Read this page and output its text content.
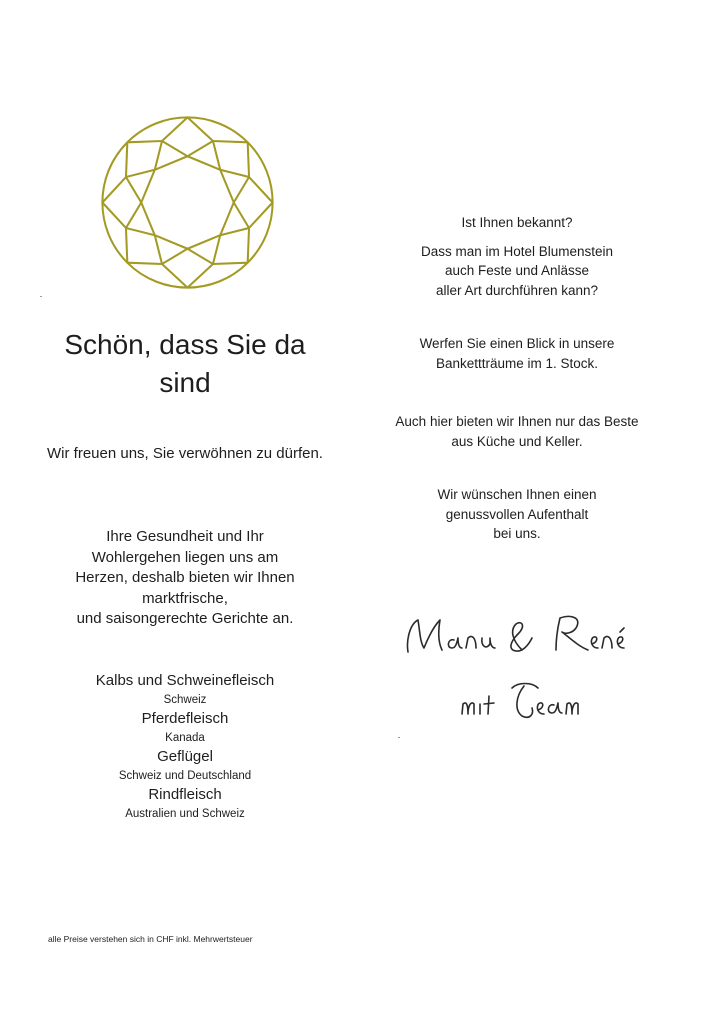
Schön, dass Sie da sind
Wir freuen uns, Sie verwöhnen zu dürfen.
Ihre Gesundheit und Ihr
Wohlergehen liegen uns am
Herzen, deshalb bieten wir Ihnen
marktfrische,
und saisongerechte Gerichte an.
Kalbs und Schweinefleisch
Schweiz
Pferdefleisch
Kanada
Geflügel
Schweiz und Deutschland
Rindfleisch
Australien und Schweiz
alle Preise verstehen sich in CHF inkl. Mehrwertsteuer

Ist Ihnen bekannt?

Dass man im Hotel Blumenstein
auch Feste und Anlässe
aller Art durchführen kann?

Werfen Sie einen Blick in unsere
Bankettträume im 1. Stock.

Auch hier bieten wir Ihnen nur das Beste
aus Küche und Keller.

Wir wünschen Ihnen einen
genussvollen Aufenthalt
bei uns.
